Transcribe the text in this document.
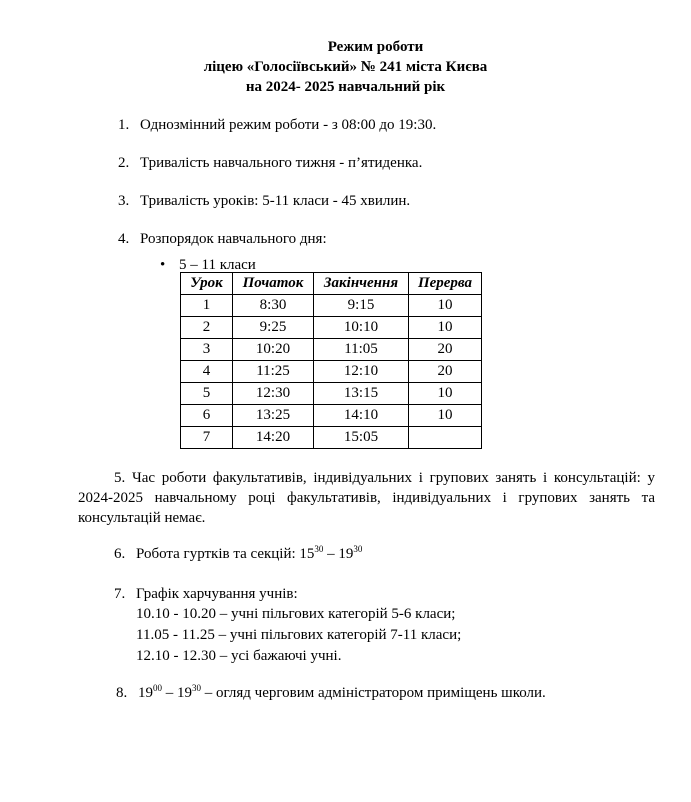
Режим роботи
ліцею «Голосіївський» № 241 міста Києва
на 2024- 2025 навчальний рік
1. Однозмінний режим роботи - з 08:00 до 19:30.
2. Тривалість навчального тижня - п’ятиденка.
3. Тривалість уроків: 5-11 класи - 45 хвилин.
4. Розпорядок навчального дня:
• 5 – 11 класи
Урок	Початок	Закінчення	Перерва
1	8:30	9:15	10
2	9:25	10:10	10
3	10:20	11:05	20
4	11:25	12:10	20
5	12:30	13:15	10
6	13:25	14:10	10
7	14:20	15:05	
5. Час роботи факультативів, індивідуальних і групових занять і консультацій: у 2024-2025 навчальному році факультативів, індивідуальних і групових занять та консультацій немає.
6. Робота гуртків та секцій: $15^{30} - 19^{30}$
7. Графік харчування учнів:
10.10 - 10.20 – учні пільгових категорій 5-6 класи;
11.05 - 11.25 – учні пільгових категорій 7-11 класи;
12.10 - 12.30 – усі бажаючі учні.
8. $19^{00} - 19^{30}$ – огляд черговим адміністратором приміщень школи.
